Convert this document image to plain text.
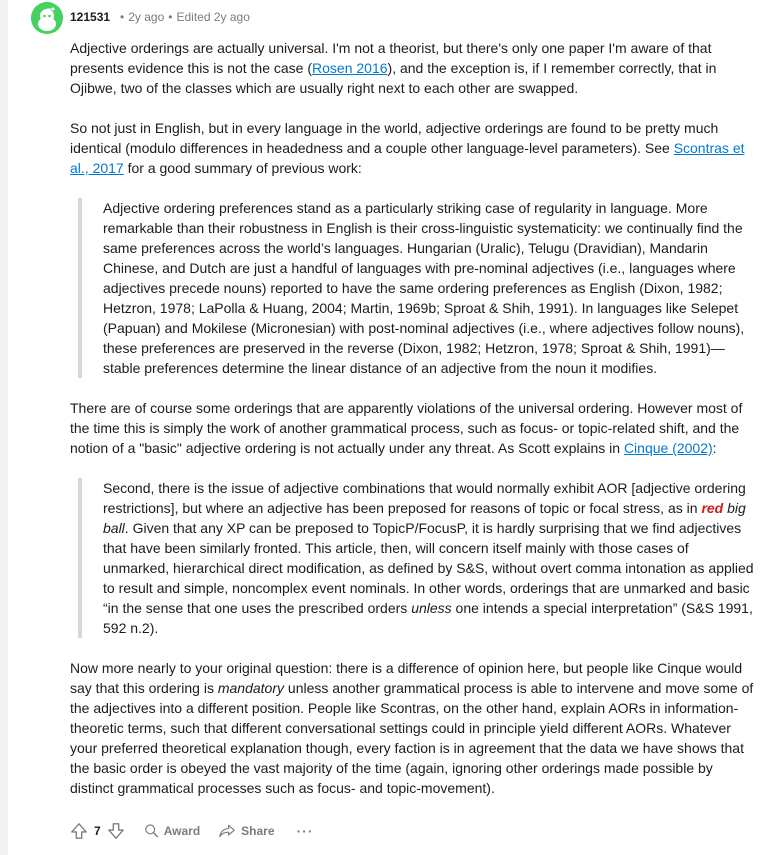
121531 • 2y ago • Edited 2y ago

Adjective orderings are actually universal. I'm not a theorist, but there's only one paper I'm aware of that presents evidence this is not the case (Rosen 2016), and the exception is, if I remember correctly, that in Ojibwe, two of the classes which are usually right next to each other are swapped.

So not just in English, but in every language in the world, adjective orderings are found to be pretty much identical (modulo differences in headedness and a couple other language-level parameters). See Scontras et al., 2017 for a good summary of previous work:

Adjective ordering preferences stand as a particularly striking case of regularity in language. More remarkable than their robustness in English is their cross-linguistic systematicity: we continually find the same preferences across the world’s languages. Hungarian (Uralic), Telugu (Dravidian), Mandarin Chinese, and Dutch are just a handful of languages with pre-nominal adjectives (i.e., languages where adjectives precede nouns) reported to have the same ordering preferences as English (Dixon, 1982; Hetzron, 1978; LaPolla & Huang, 2004; Martin, 1969b; Sproat & Shih, 1991). In languages like Selepet (Papuan) and Mokilese (Micronesian) with post-nominal adjectives (i.e., where adjectives follow nouns), these preferences are preserved in the reverse (Dixon, 1982; Hetzron, 1978; Sproat & Shih, 1991)—stable preferences determine the linear distance of an adjective from the noun it modifies.

There are of course some orderings that are apparently violations of the universal ordering. However most of the time this is simply the work of another grammatical process, such as focus- or topic-related shift, and the notion of a "basic" adjective ordering is not actually under any threat. As Scott explains in Cinque (2002):

Second, there is the issue of adjective combinations that would normally exhibit AOR [adjective ordering restrictions], but where an adjective has been preposed for reasons of topic or focal stress, as in red big ball. Given that any XP can be preposed to TopicP/FocusP, it is hardly surprising that we find adjectives that have been similarly fronted. This article, then, will concern itself mainly with those cases of unmarked, hierarchical direct modification, as defined by S&S, without overt comma intonation as applied to result and simple, noncomplex event nominals. In other words, orderings that are unmarked and basic “in the sense that one uses the prescribed orders unless one intends a special interpretation” (S&S 1991, 592 n.2).

Now more nearly to your original question: there is a difference of opinion here, but people like Cinque would say that this ordering is mandatory unless another grammatical process is able to intervene and move some of the adjectives into a different position. People like Scontras, on the other hand, explain AORs in information-theoretic terms, such that different conversational settings could in principle yield different AORs. Whatever your preferred theoretical explanation though, every faction is in agreement that the data we have shows that the basic order is obeyed the vast majority of the time (again, ignoring other orderings made possible by distinct grammatical processes such as focus- and topic-movement).

7	Award	Share ···
